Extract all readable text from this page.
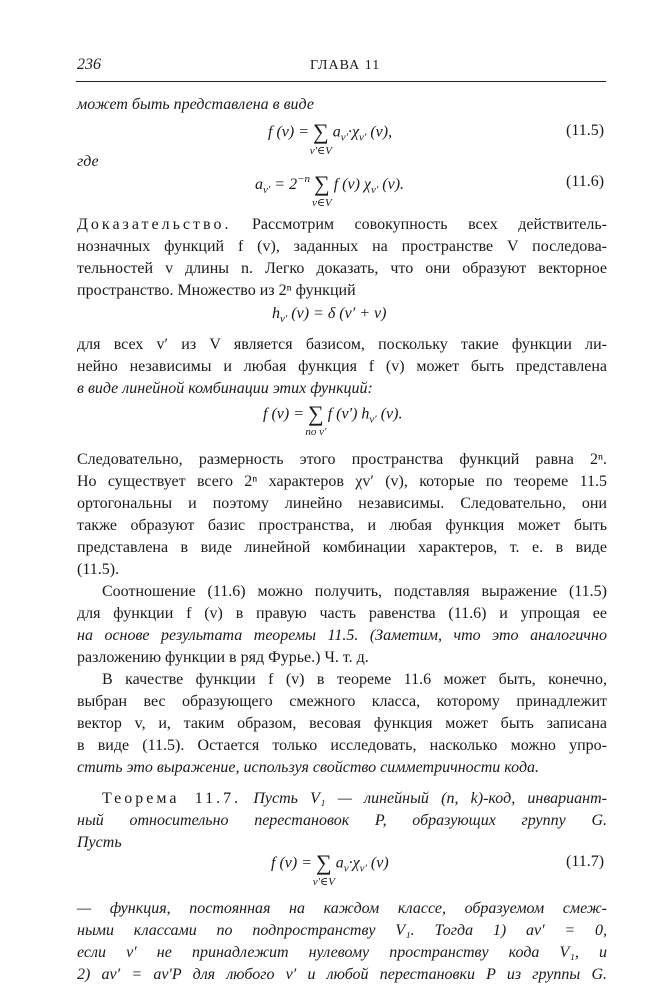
236	ГЛАВА 11
может быть представлена в виде
f (v) = ∑
v′∈V
$a_{v'}\cdot\chi_{v'}$ (v),	(11.5)
где
$a_{v'} = 2^{-n}$ ∑
v∈V
f (v) $\chi_{v'}$ (v).	(11.6)
Доказательство. Рассмотрим совокупность всех действитель-
нозначных функций f (v), заданных на пространстве V последова-
тельностей v длины n. Легко доказать, что они образуют векторное
пространство. Множество из 2ⁿ функций
$h_{v'}$ (v) = δ (v′ + v)
для всех v′ из V является базисом, поскольку такие функции ли-
нейно независимы и любая функция f (v) может быть представлена
в виде линейной комбинации этих функций:
f (v) = ∑
по v′
f (v′) $h_{v'}$ (v).
Следовательно, размерность этого пространства функций равна 2ⁿ.
Но существует всего 2ⁿ характеров χv′ (v), которые по теореме 11.5
ортогональны и поэтому линейно независимы. Следовательно, они
также образуют базис пространства, и любая функция может быть
представлена в виде линейной комбинации характеров, т. е. в виде
(11.5).
Соотношение (11.6) можно получить, подставляя выражение (11.5)
для функции f (v) в правую часть равенства (11.6) и упрощая ее
на основе результата теоремы 11.5. (Заметим, что это аналогично
разложению функции в ряд Фурье.) Ч. т. д.
В качестве функции f (v) в теореме 11.6 может быть, конечно,
выбран вес образующего смежного класса, которому принадлежит
вектор v, и, таким образом, весовая функция может быть записана
в виде (11.5). Остается только исследовать, насколько можно упро-
стить это выражение, используя свойство симметричности кода.
Теорема 11.7. Пусть V₁ — линейный (n, k)-код, инвариант-
ный относительно перестановок P, образующих группу G.
Пусть
f (v) = ∑
v′∈V
$a_v\cdot\chi_{v'}$ (v)	(11.7)
— функция, постоянная на каждом классе, образуемом смеж-
ными классами по подпространству V₁. Тогда 1) av′ = 0,
если v′ не принадлежит нулевому пространству кода V₁, и
2) av′ = av′P для любого v′ и любой перестановки P из группы G.
